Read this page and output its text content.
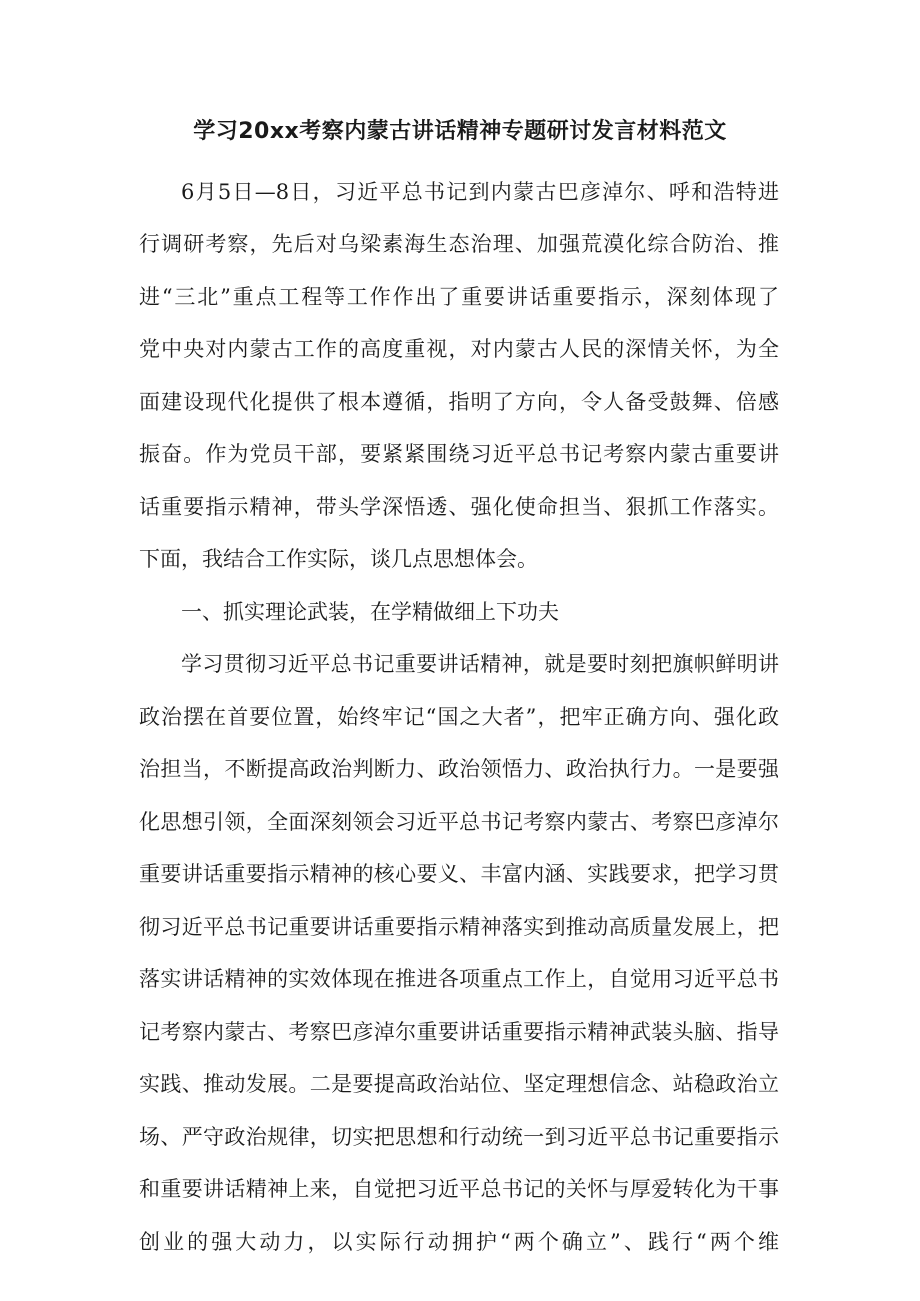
学习20xx考察内蒙古讲话精神专题研讨发言材料范文
6月5日—8日，习近平总书记到内蒙古巴彦淖尔、呼和浩特进
行调研考察，先后对乌梁素海生态治理、加强荒漠化综合防治、推
进“三北”重点工程等工作作出了重要讲话重要指示，深刻体现了
党中央对内蒙古工作的高度重视，对内蒙古人民的深情关怀，为全
面建设现代化提供了根本遵循，指明了方向，令人备受鼓舞、倍感
振奋。作为党员干部，要紧紧围绕习近平总书记考察内蒙古重要讲
话重要指示精神，带头学深悟透、强化使命担当、狠抓工作落实。
下面，我结合工作实际，谈几点思想体会。
一、抓实理论武装，在学精做细上下功夫
学习贯彻习近平总书记重要讲话精神，就是要时刻把旗帜鲜明讲
政治摆在首要位置，始终牢记“国之大者”，把牢正确方向、强化政
治担当，不断提高政治判断力、政治领悟力、政治执行力。一是要强
化思想引领，全面深刻领会习近平总书记考察内蒙古、考察巴彦淖尔
重要讲话重要指示精神的核心要义、丰富内涵、实践要求，把学习贯
彻习近平总书记重要讲话重要指示精神落实到推动高质量发展上，把
落实讲话精神的实效体现在推进各项重点工作上，自觉用习近平总书
记考察内蒙古、考察巴彦淖尔重要讲话重要指示精神武装头脑、指导
实践、推动发展。二是要提高政治站位、坚定理想信念、站稳政治立
场、严守政治规律，切实把思想和行动统一到习近平总书记重要指示
和重要讲话精神上来，自觉把习近平总书记的关怀与厚爱转化为干事
创业的强大动力，以实际行动拥护“两个确立”、践行“两个维
